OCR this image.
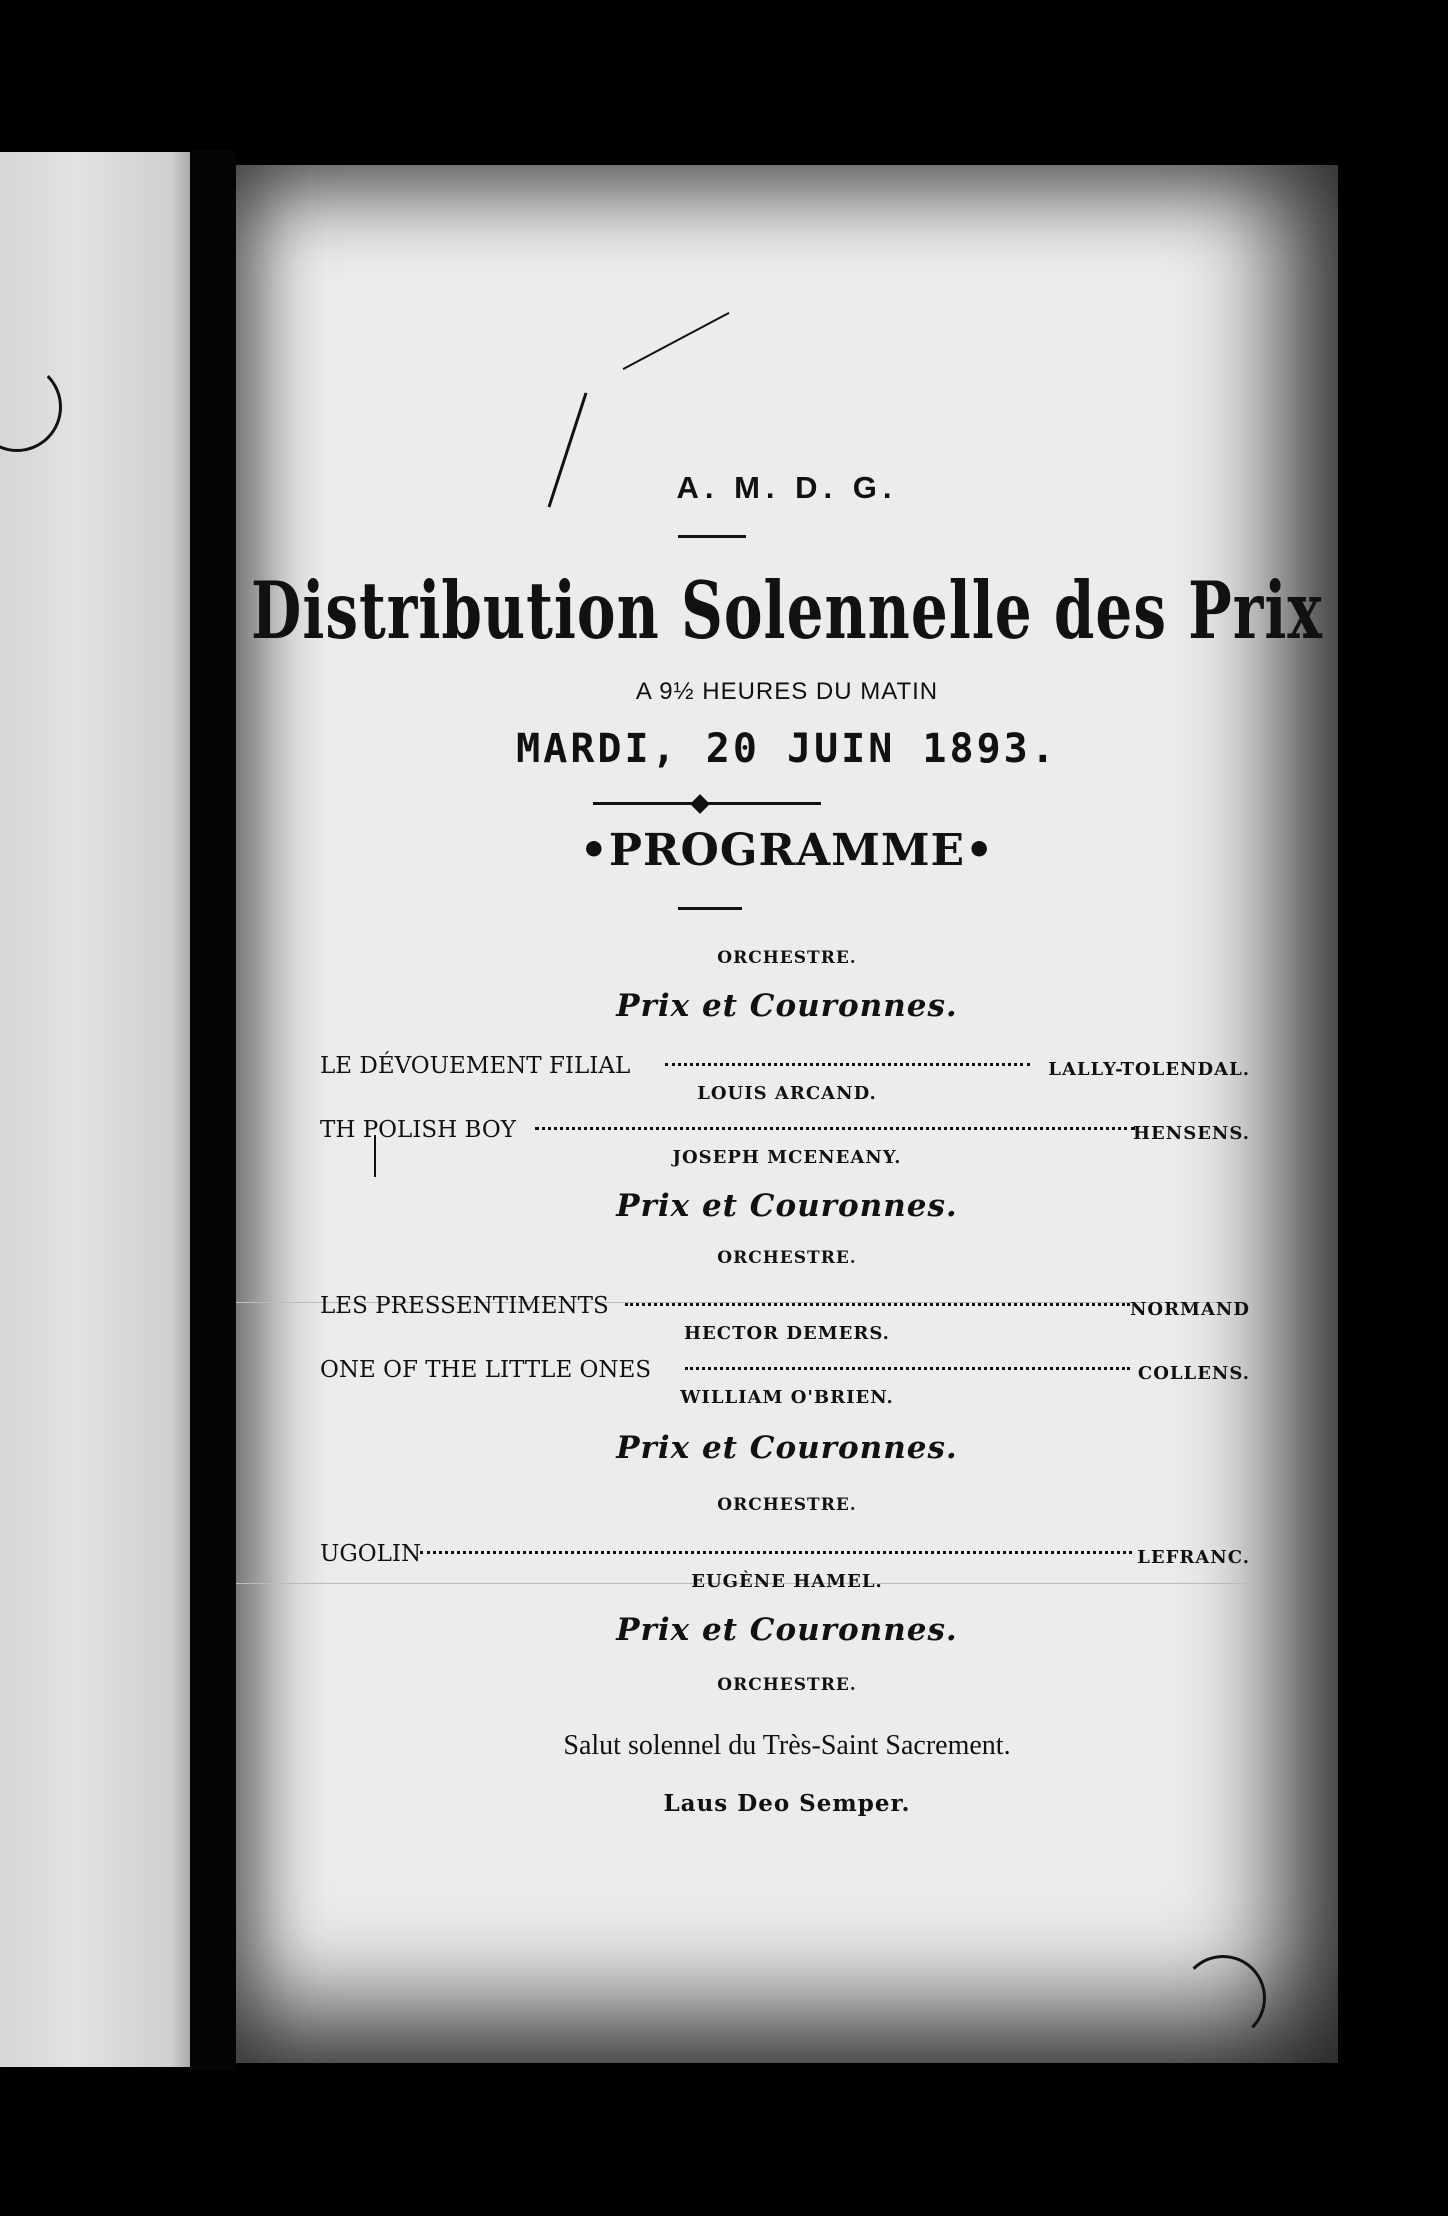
A. M. D. G.
Distribution Solennelle des Prix
A 9½ HEURES DU MATIN
MARDI, 20 JUIN 1893.
•PROGRAMME•
ORCHESTRE.
Prix et Couronnes.
LE DÉVOUEMENT FILIAL	LALLY-TOLENDAL.
LOUIS ARCAND.
TH POLISH BOY	HENSENS.
JOSEPH MCENEANY.
Prix et Couronnes.
ORCHESTRE.
LES PRESSENTIMENTS	NORMAND
HECTOR DEMERS.
ONE OF THE LITTLE ONES	COLLENS.
WILLIAM O'BRIEN.
Prix et Couronnes.
ORCHESTRE.
UGOLIN	LEFRANC.
EUGÈNE HAMEL.
Prix et Couronnes.
ORCHESTRE.
Salut solennel du Très-Saint Sacrement.
Laus Deo Semper.
